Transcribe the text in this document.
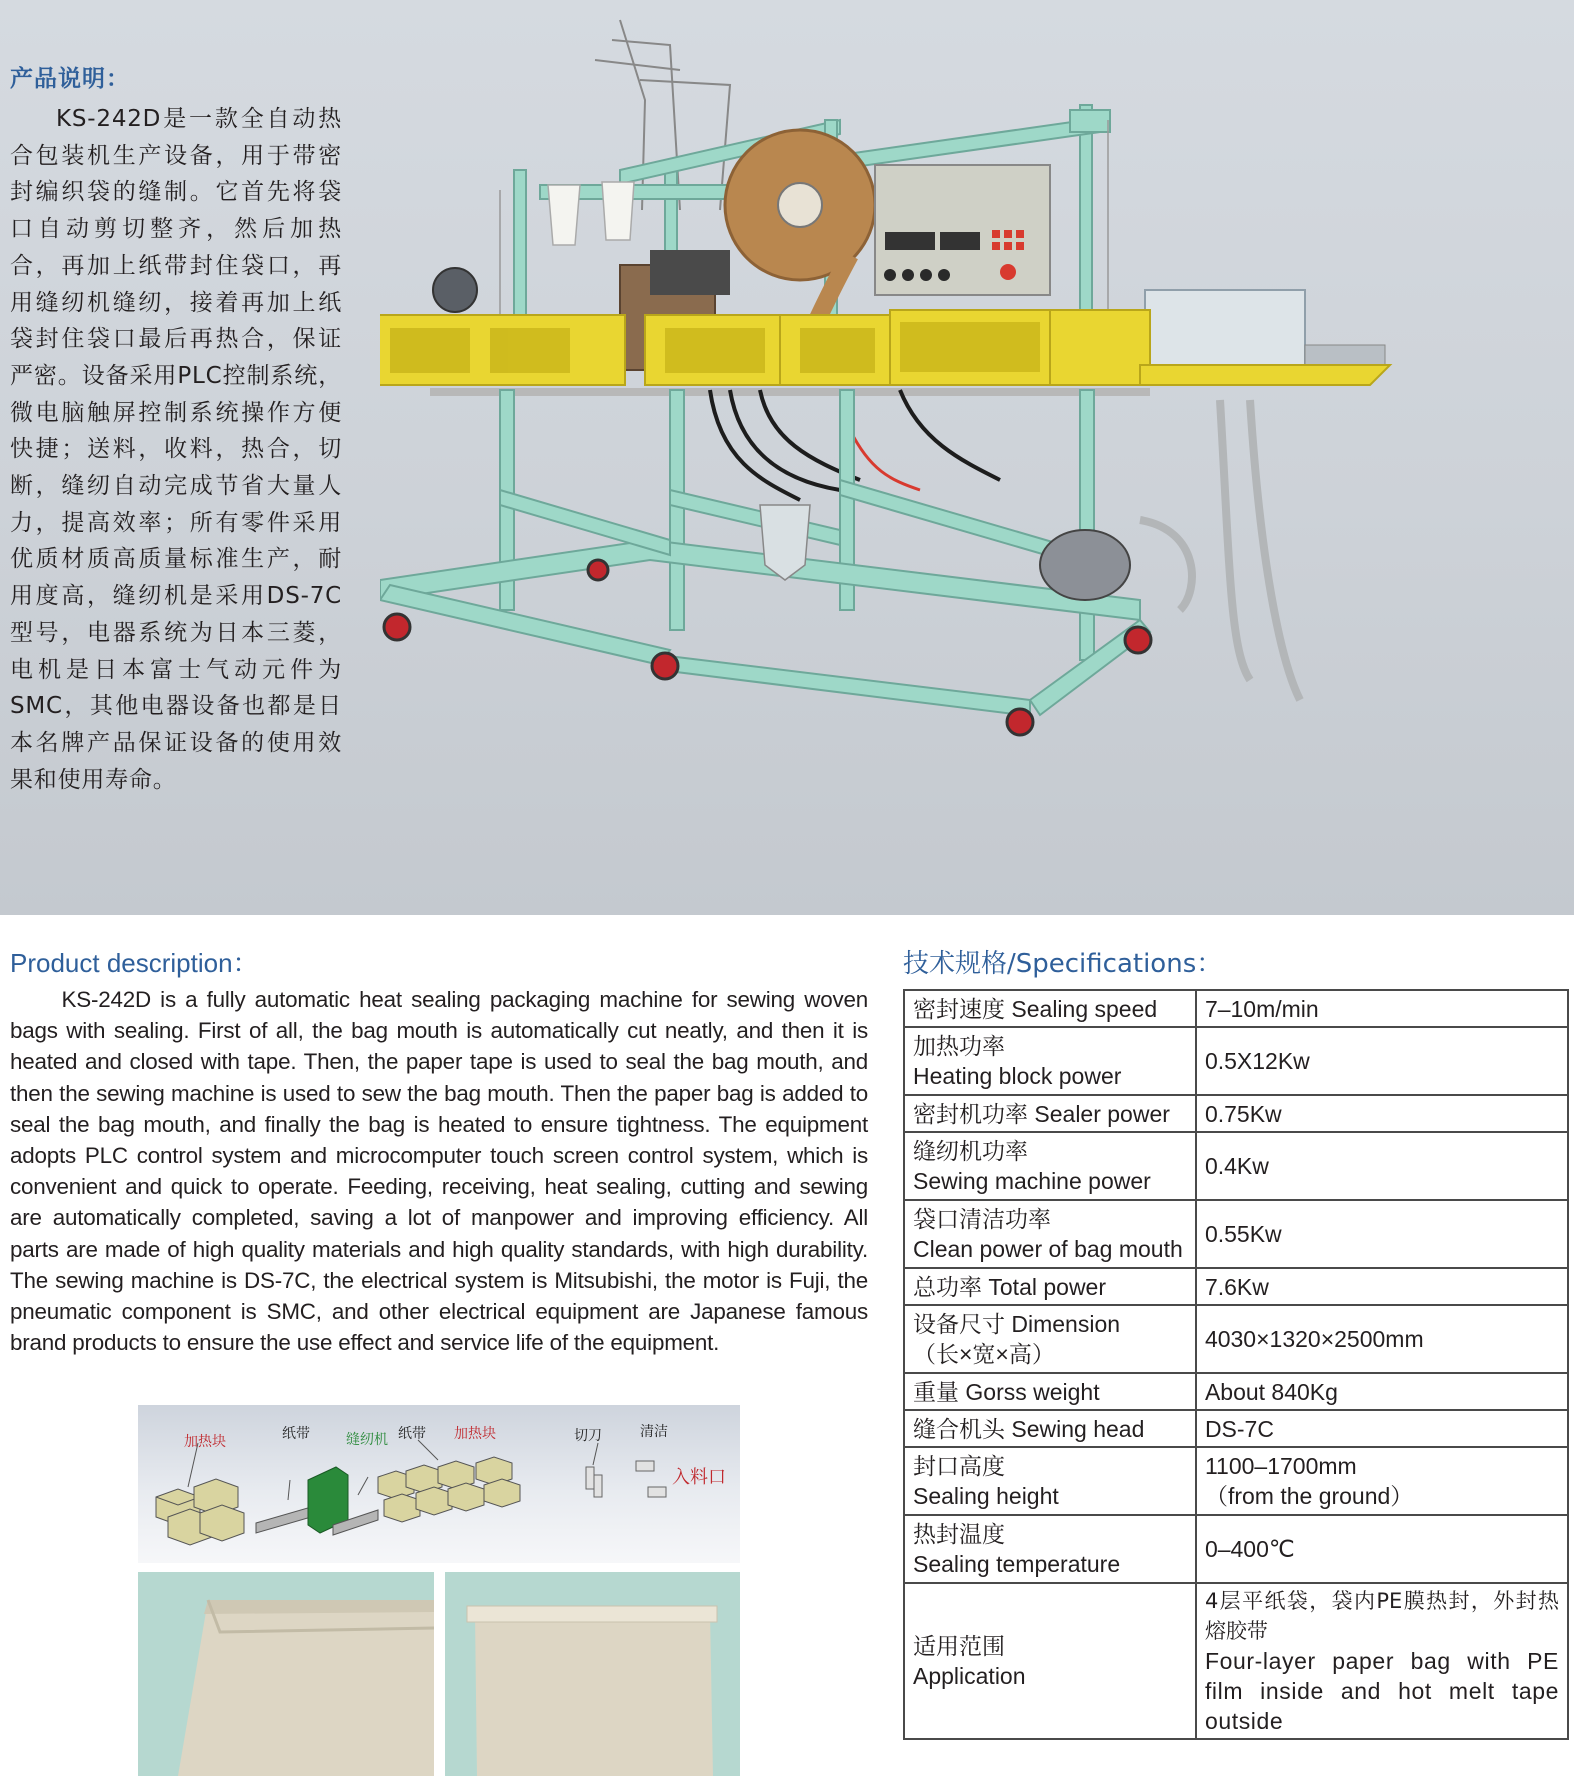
产品说明：
KS-242D是一款全自动热合包装机生产设备，用于带密封编织袋的缝制。它首先将袋口自动剪切整齐，然后加热合，再加上纸带封住袋口，再用缝纫机缝纫，接着再加上纸袋封住袋口最后再热合，保证严密。设备采用PLC控制系统，微电脑触屏控制系统操作方便快捷；送料，收料，热合，切断，缝纫自动完成节省大量人力，提高效率；所有零件采用优质材质高质量标准生产，耐用度高，缝纫机是采用DS-7C型号，电器系统为日本三菱，电机是日本富士气动元件为SMC，其他电器设备也都是日本名牌产品保证设备的使用效果和使用寿命。
Product description：
KS-242D is a fully automatic heat sealing packaging machine for sewing woven bags with sealing. First of all, the bag mouth is automatically cut neatly, and then it is heated and closed with tape. Then, the paper tape is used to seal the bag mouth, and then the sewing machine is used to sew the bag mouth. Then the paper bag is added to seal the bag mouth, and finally the bag is heated to ensure tightness. The equipment adopts PLC control system and microcomputer touch screen control system, which is convenient and quick to operate. Feeding, receiving, heat sealing, cutting and sewing are automatically completed, saving a lot of manpower and improving efficiency. All parts are made of high quality materials and high quality standards, with high durability. The sewing machine is DS-7C, the electrical system is Mitsubishi, the motor is Fuji, the pneumatic component is SMC, and other electrical equipment are Japanese famous brand products to ensure the use effect and service life of the equipment.
加热块	纸带	缝纫机 纸带 加热块	切刀	清洁
入料口
技术规格/Specifications：
密封速度 Sealing speed	7–10m/min
加热功率
Heating block power	0.5X12Kw
密封机功率 Sealer power	0.75Kw
缝纫机功率
Sewing machine power	0.4Kw
袋口清洁功率
Clean power of bag mouth	0.55Kw
总功率 Total power	7.6Kw
设备尺寸 Dimension
（长×宽×高）	4030×1320×2500mm
重量 Gorss weight	About 840Kg
缝合机头 Sewing head	DS-7C
封口高度
Sealing height	1100–1700mm
（from the ground）
热封温度
Sealing temperature	0–400℃
适用范围
Application	4层平纸袋，袋内PE膜热封，外封热熔胶带
Four-layer paper bag with PE film inside and hot melt tape outside
